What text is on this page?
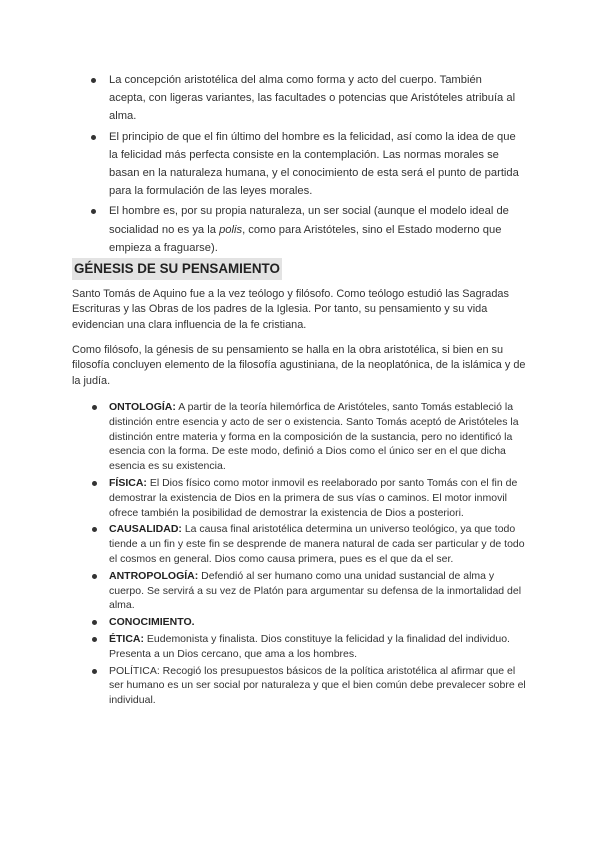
La concepción aristotélica del alma como forma y acto del cuerpo. También acepta, con ligeras variantes, las facultades o potencias que Aristóteles atribuía al alma.
El principio de que el fin último del hombre es la felicidad, así como la idea de que la felicidad más perfecta consiste en la contemplación. Las normas morales se basan en la naturaleza humana, y el conocimiento de esta será el punto de partida para la formulación de las leyes morales.
El hombre es, por su propia naturaleza, un ser social (aunque el modelo ideal de socialidad no es ya la polis, como para Aristóteles, sino el Estado moderno que empieza a fraguarse).
GÉNESIS DE SU PENSAMIENTO

Santo Tomás de Aquino fue a la vez teólogo y filósofo. Como teólogo estudió las Sagradas Escrituras y las Obras de los padres de la Iglesia. Por tanto, su pensamiento y su vida evidencian una clara influencia de la fe cristiana.

Como filósofo, la génesis de su pensamiento se halla en la obra aristotélica, si bien en su filosofía concluyen elemento de la filosofía agustiniana, de la neoplatónica, de la islámica y de la judía.

ONTOLOGÍA: A partir de la teoría hilemórfica de Aristóteles, santo Tomás estableció la distinción entre esencia y acto de ser o existencia. Santo Tomás aceptó de Aristóteles la distinción entre materia y forma en la composición de la sustancia, pero no identificó la esencia con la forma. De este modo, definió a Dios como el único ser en el que dicha esencia es su existencia.
FÍSICA: El Dios físico como motor inmovil es reelaborado por santo Tomás con el fin de demostrar la existencia de Dios en la primera de sus vías o caminos. El motor inmovil ofrece también la posibilidad de demostrar la existencia de Dios a posteriori.
CAUSALIDAD: La causa final aristotélica determina un universo teológico, ya que todo tiende a un fin y este fin se desprende de manera natural de cada ser particular y de todo el cosmos en general. Dios como causa primera, pues es el que da el ser.
ANTROPOLOGÍA: Defendió al ser humano como una unidad sustancial de alma y cuerpo. Se servirá a su vez de Platón para argumentar su defensa de la inmortalidad del alma.
CONOCIMIENTO.
ÉTICA: Eudemonista y finalista. Dios constituye la felicidad y la finalidad del individuo. Presenta a un Dios cercano, que ama a los hombres.
POLÍTICA: Recogió los presupuestos básicos de la política aristotélica al afirmar que el ser humano es un ser social por naturaleza y que el bien común debe prevalecer sobre el individual.
